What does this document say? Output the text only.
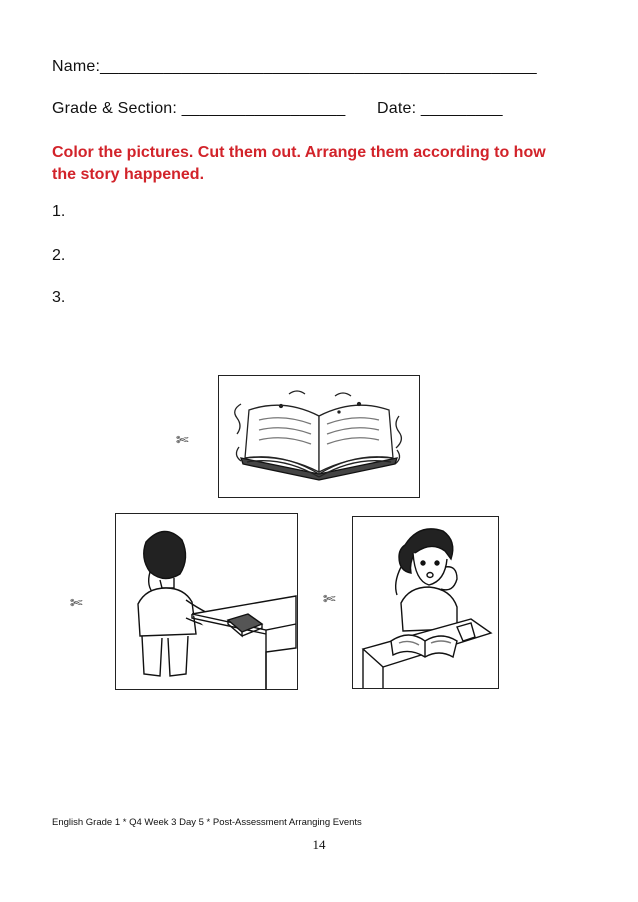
Name:________________________________________________
Grade & Section: __________________ Date: _________
Color the pictures. Cut them out. Arrange them according to how the story happened.
1.
2.
3.
✄
✄	✄
English Grade 1 * Q4 Week 3 Day 5 * Post-Assessment Arranging Events
14
